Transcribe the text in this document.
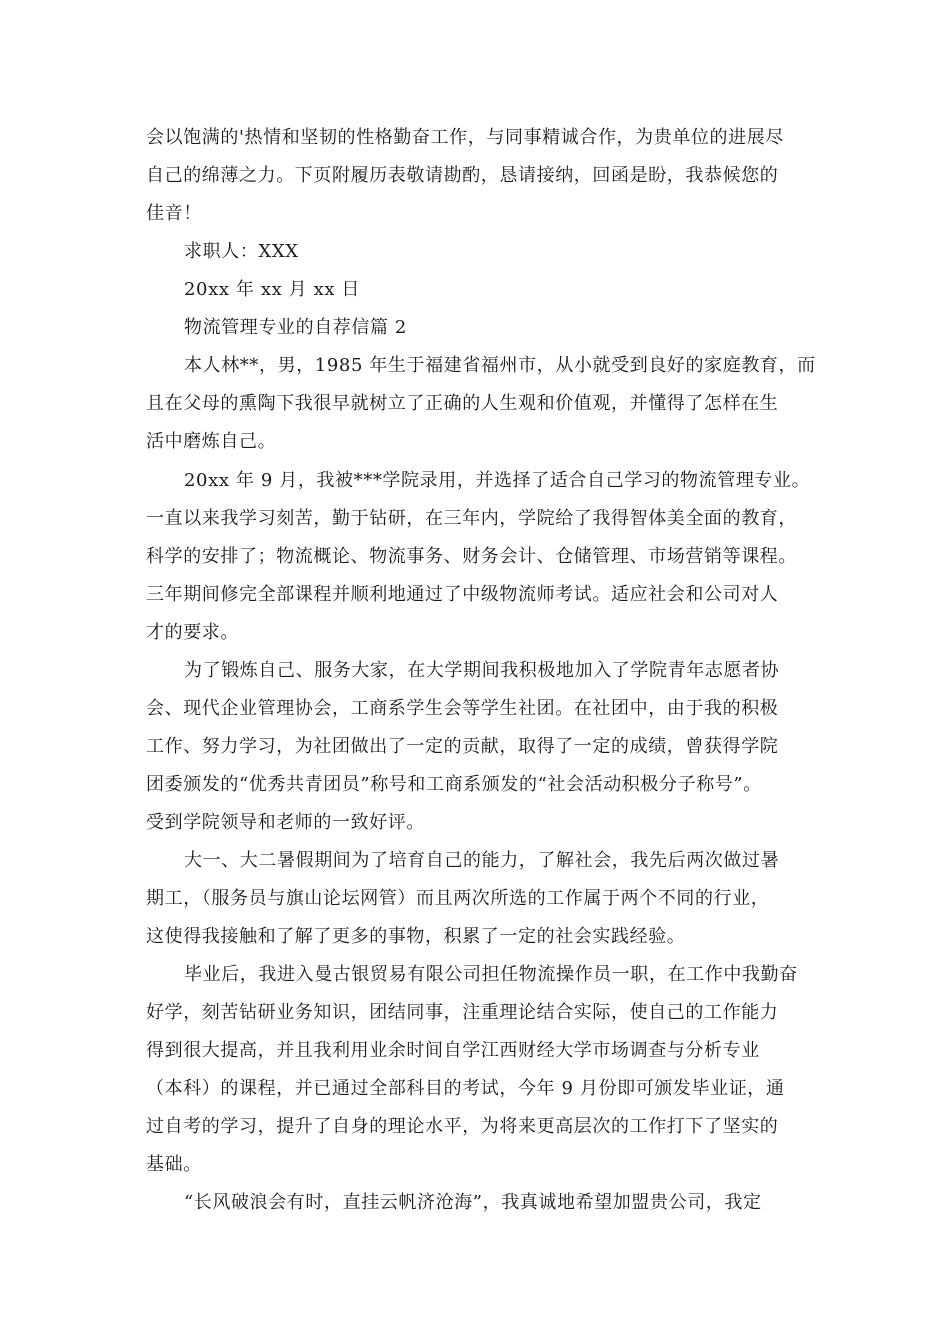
会以饱满的'热情和坚韧的性格勤奋工作，与同事精诚合作，为贵单位的进展尽
自己的绵薄之力。下页附履历表敬请勘酌，恳请接纳，回函是盼，我恭候您的
佳音！
求职人：XXX
20xx 年 xx 月 xx 日
物流管理专业的自荐信篇 2
本人林**，男，1985 年生于福建省福州市，从小就受到良好的家庭教育，而
且在父母的熏陶下我很早就树立了正确的人生观和价值观，并懂得了怎样在生
活中磨炼自己。
20xx 年 9 月，我被***学院录用，并选择了适合自己学习的物流管理专业。
一直以来我学习刻苦，勤于钻研，在三年内，学院给了我得智体美全面的教育，
科学的安排了；物流概论、物流事务、财务会计、仓储管理、市场营销等课程。
三年期间修完全部课程并顺利地通过了中级物流师考试。适应社会和公司对人
才的要求。
为了锻炼自己、服务大家，在大学期间我积极地加入了学院青年志愿者协
会、现代企业管理协会，工商系学生会等学生社团。在社团中，由于我的积极
工作、努力学习，为社团做出了一定的贡献，取得了一定的成绩，曾获得学院
团委颁发的“优秀共青团员”称号和工商系颁发的“社会活动积极分子称号”。
受到学院领导和老师的一致好评。
大一、大二暑假期间为了培育自己的能力，了解社会，我先后两次做过暑
期工，（服务员与旗山论坛网管）而且两次所选的工作属于两个不同的行业，
这使得我接触和了解了更多的事物，积累了一定的社会实践经验。
毕业后，我进入曼古银贸易有限公司担任物流操作员一职，在工作中我勤奋
好学，刻苦钻研业务知识，团结同事，注重理论结合实际，使自己的工作能力
得到很大提高，并且我利用业余时间自学江西财经大学市场调查与分析专业
（本科）的课程，并已通过全部科目的考试，今年 9 月份即可颁发毕业证，通
过自考的学习，提升了自身的理论水平，为将来更高层次的工作打下了坚实的
基础。
“长风破浪会有时，直挂云帆济沧海”，我真诚地希望加盟贵公司，我定
